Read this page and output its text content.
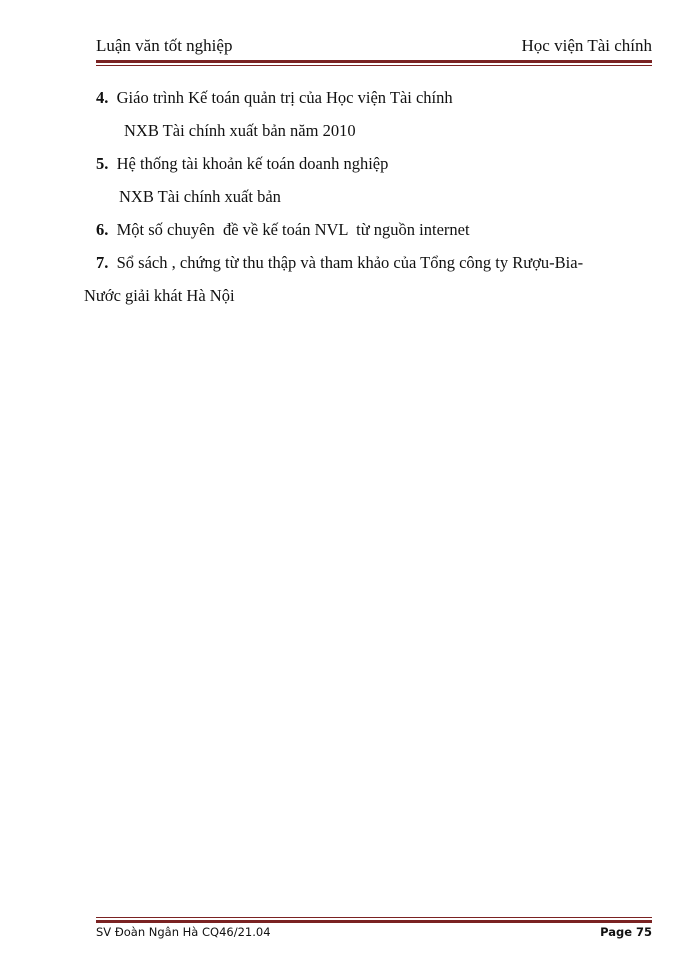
Luận văn tốt nghiệp	Học viện Tài chính
4. Giáo trình Kế toán quản trị của Học viện Tài chính
NXB Tài chính xuất bản năm 2010
5. Hệ thống tài khoản kế toán doanh nghiệp
NXB Tài chính xuất bản
6. Một số chuyên  đề về kế toán NVL  từ nguồn internet
7. Sổ sách , chứng từ thu thập và tham khảo của Tổng công ty Rượu-Bia-
Nước giải khát Hà Nội
SV Đoàn Ngân Hà CQ46/21.04	Page 75
